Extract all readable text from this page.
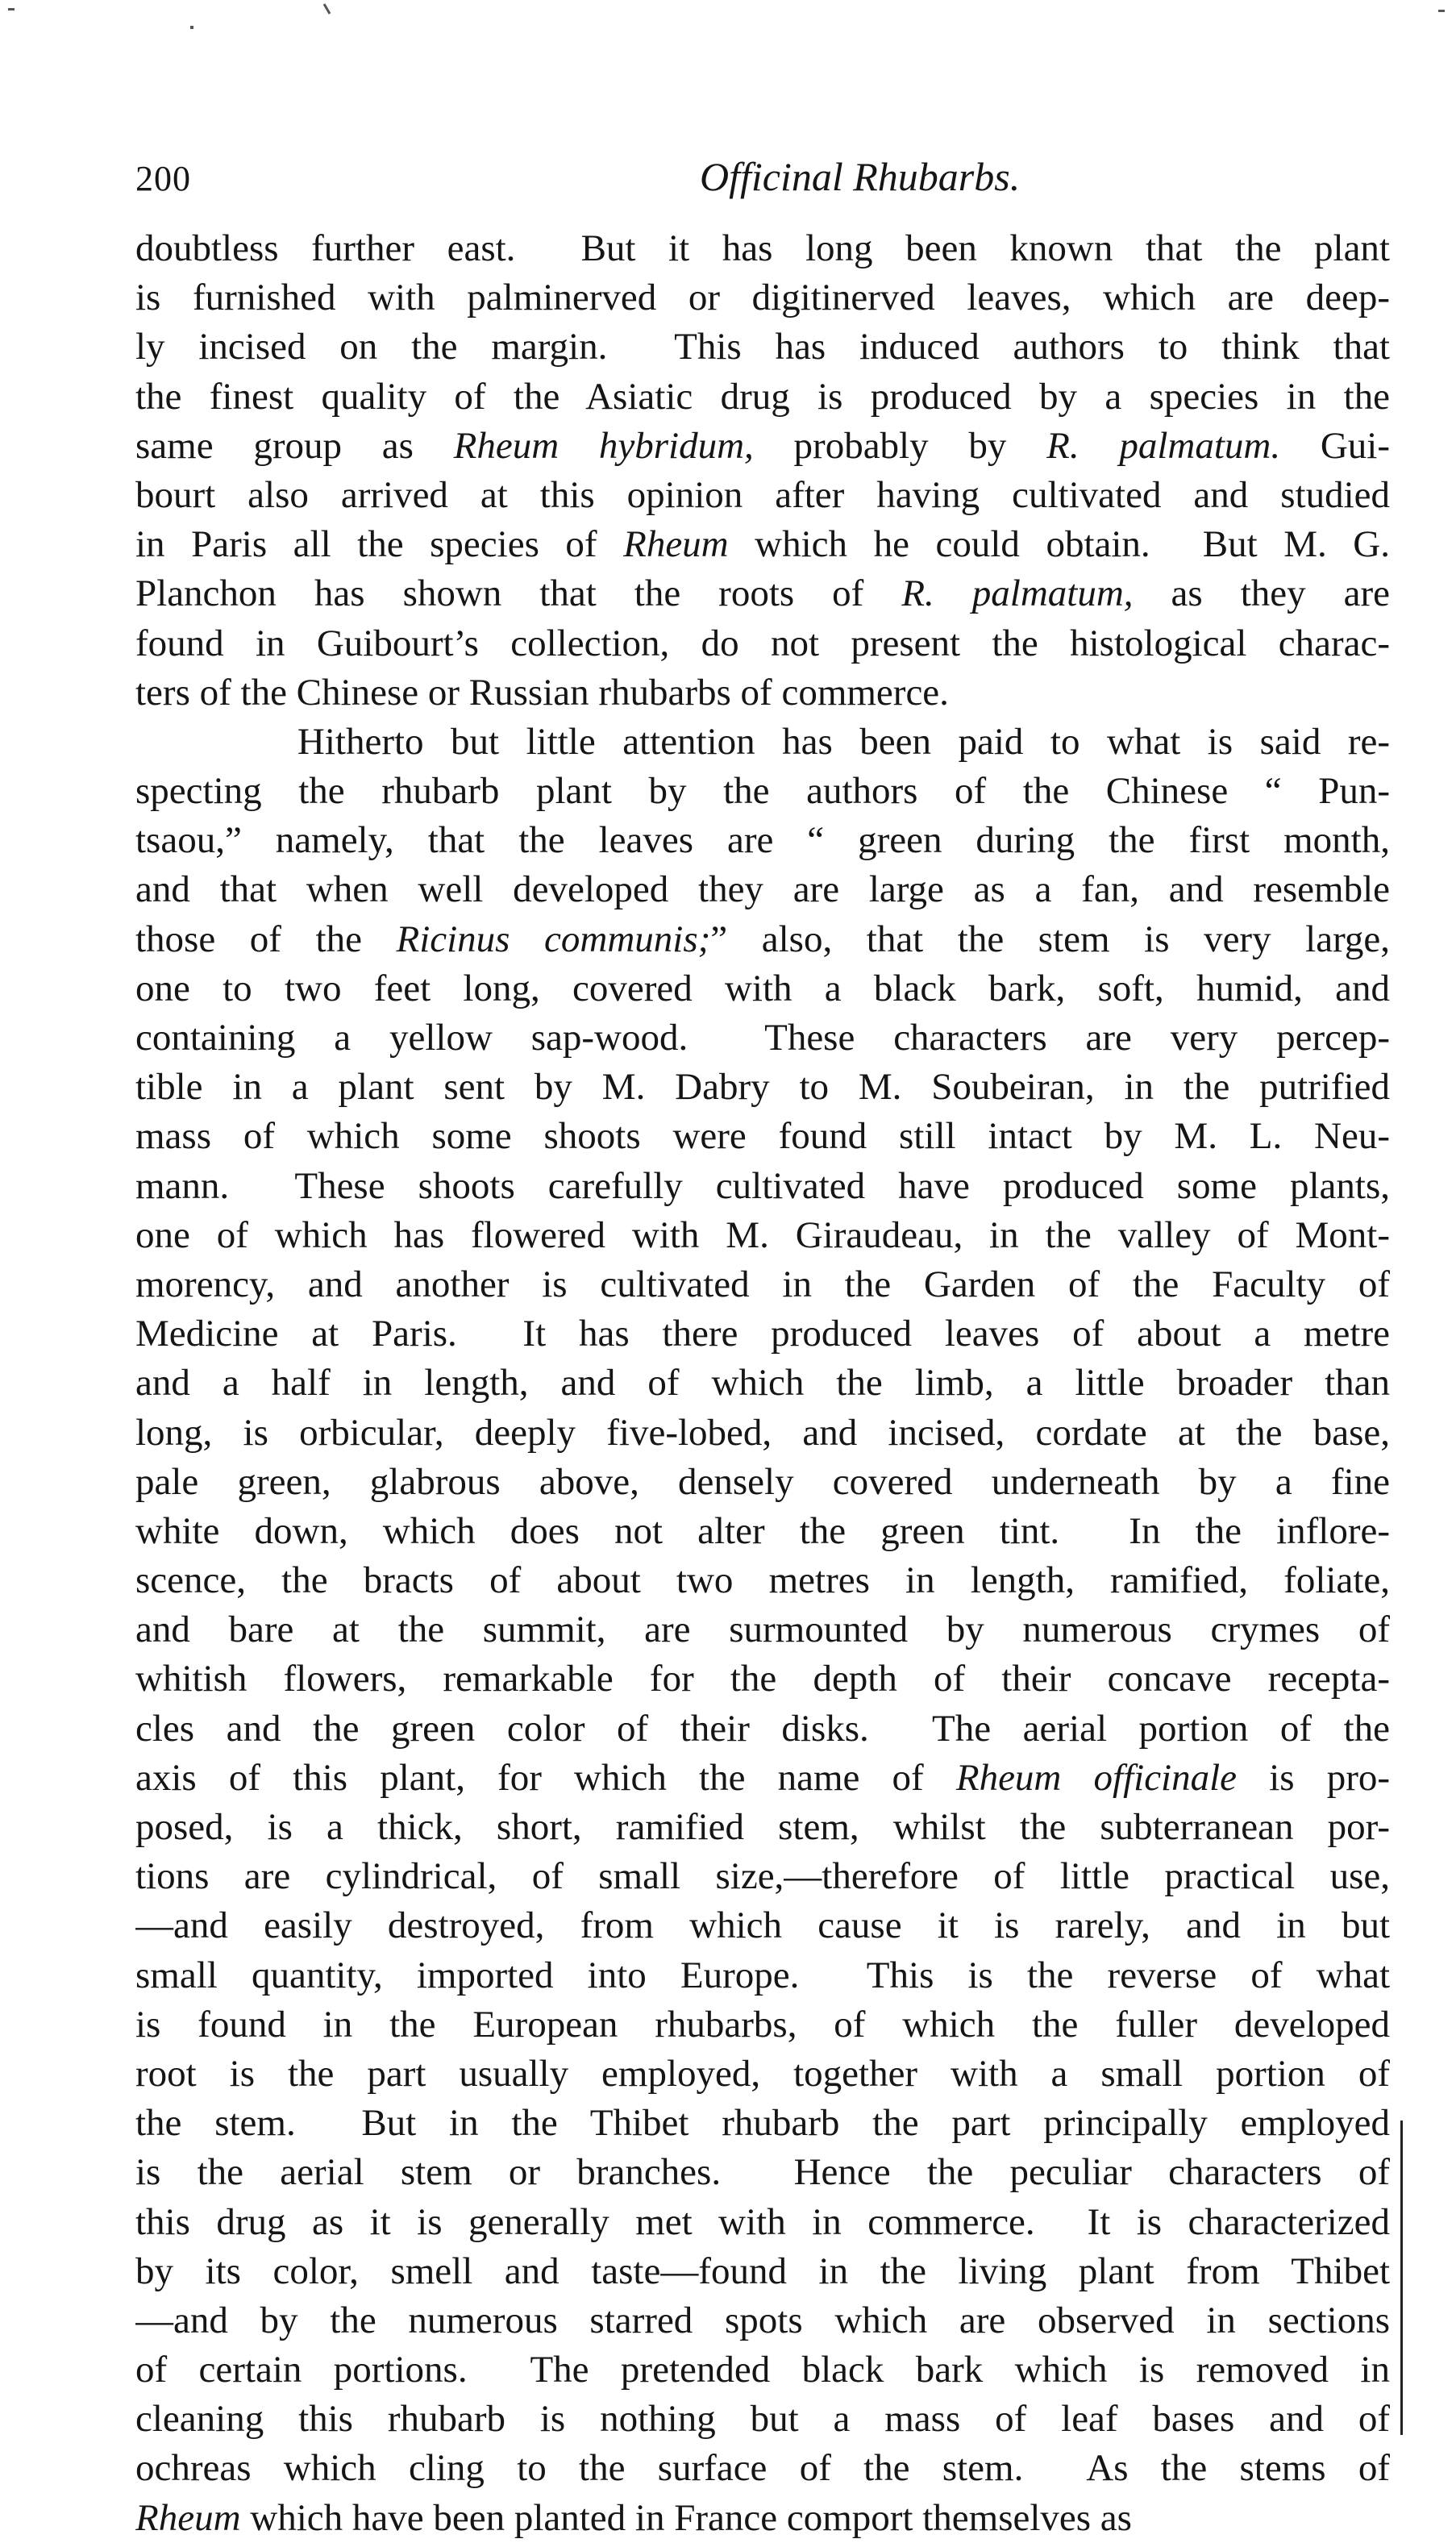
200	Officinal Rhubarbs.
doubtless further east.  But it has long been known that the plant
is furnished with palminerved or digitinerved leaves, which are deep-
ly incised on the margin.  This has induced authors to think that
the finest quality of the Asiatic drug is produced by a species in the
same group as Rheum hybridum, probably by R. palmatum. Gui-
bourt also arrived at this opinion after having cultivated and studied
in Paris all the species of Rheum which he could obtain.  But M. G.
Planchon has shown that the roots of R. palmatum, as they are
found in Guibourt’s collection, do not present the histological charac-
ters of the Chinese or Russian rhubarbs of commerce.
Hitherto but little attention has been paid to what is said re-
specting the rhubarb plant by the authors of the Chinese “ Pun-
tsaou,” namely, that the leaves are “ green during the first month,
and that when well developed they are large as a fan, and resemble
those of the Ricinus communis;” also, that the stem is very large,
one to two feet long, covered with a black bark, soft, humid, and
containing a yellow sap-wood.  These characters are very percep-
tible in a plant sent by M. Dabry to M. Soubeiran, in the putrified
mass of which some shoots were found still intact by M. L. Neu-
mann.  These shoots carefully cultivated have produced some plants,
one of which has flowered with M. Giraudeau, in the valley of Mont-
morency, and another is cultivated in the Garden of the Faculty of
Medicine at Paris.  It has there produced leaves of about a metre
and a half in length, and of which the limb, a little broader than
long, is orbicular, deeply five-lobed, and incised, cordate at the base,
pale green, glabrous above, densely covered underneath by a fine
white down, which does not alter the green tint.  In the inflore-
scence, the bracts of about two metres in length, ramified, foliate,
and bare at the summit, are surmounted by numerous crymes of
whitish flowers, remarkable for the depth of their concave recepta-
cles and the green color of their disks.  The aerial portion of the
axis of this plant, for which the name of Rheum officinale is pro-
posed, is a thick, short, ramified stem, whilst the subterranean por-
tions are cylindrical, of small size,—therefore of little practical use,
—and easily destroyed, from which cause it is rarely, and in but
small quantity, imported into Europe.  This is the reverse of what
is found in the European rhubarbs, of which the fuller developed
root is the part usually employed, together with a small portion of
the stem.  But in the Thibet rhubarb the part principally employed
is the aerial stem or branches.  Hence the peculiar characters of
this drug as it is generally met with in commerce.  It is characterized
by its color, smell and taste—found in the living plant from Thibet
—and by the numerous starred spots which are observed in sections
of certain portions.  The pretended black bark which is removed in
cleaning this rhubarb is nothing but a mass of leaf bases and of
ochreas which cling to the surface of the stem.  As the stems of
Rheum which have been planted in France comport themselves as
